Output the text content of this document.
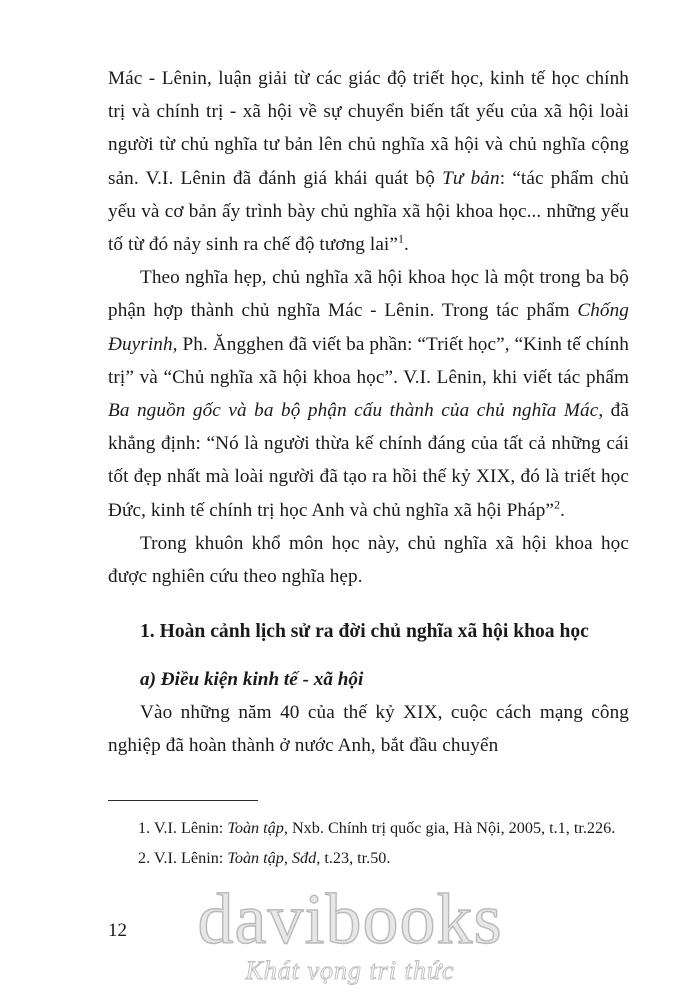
Mác - Lênin, luận giải từ các giác độ triết học, kinh tế học chính trị và chính trị - xã hội về sự chuyển biến tất yếu của xã hội loài người từ chủ nghĩa tư bản lên chủ nghĩa xã hội và chủ nghĩa cộng sản. V.I. Lênin đã đánh giá khái quát bộ Tư bản: “tác phẩm chủ yếu và cơ bản ấy trình bày chủ nghĩa xã hội khoa học... những yếu tố từ đó nảy sinh ra chế độ tương lai”$^1$.

Theo nghĩa hẹp, chủ nghĩa xã hội khoa học là một trong ba bộ phận hợp thành chủ nghĩa Mác - Lênin. Trong tác phẩm Chống Đuyrinh, Ph. Ăngghen đã viết ba phần: “Triết học”, “Kinh tế chính trị” và “Chủ nghĩa xã hội khoa học”. V.I. Lênin, khi viết tác phẩm Ba nguồn gốc và ba bộ phận cấu thành của chủ nghĩa Mác, đã khẳng định: “Nó là người thừa kế chính đáng của tất cả những cái tốt đẹp nhất mà loài người đã tạo ra hồi thế kỷ XIX, đó là triết học Đức, kinh tế chính trị học Anh và chủ nghĩa xã hội Pháp”$^2$.

Trong khuôn khổ môn học này, chủ nghĩa xã hội khoa học được nghiên cứu theo nghĩa hẹp.

1. Hoàn cảnh lịch sử ra đời chủ nghĩa xã hội khoa học
a) Điều kiện kinh tế - xã hội

Vào những năm 40 của thế kỷ XIX, cuộc cách mạng công nghiệp đã hoàn thành ở nước Anh, bắt đầu chuyển

1. V.I. Lênin: Toàn tập, Nxb. Chính trị quốc gia, Hà Nội, 2005, t.1, tr.226.

2. V.I. Lênin: Toàn tập, Sđd, t.23, tr.50.

12 davibooks
Khát vọng tri thức
